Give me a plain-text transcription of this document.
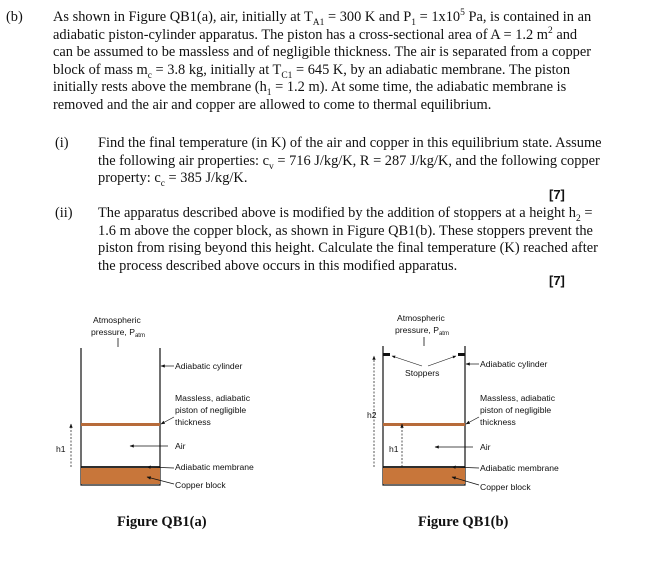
(b) As shown in Figure QB1(a), air, initially at $T_{A1} = 300$ K and $P_1 = 1x10^5$ Pa, is contained in an
adiabatic piston-cylinder apparatus. The piston has a cross-sectional area of A = 1.2 $m^2$ and
can be assumed to be massless and of negligible thickness. The air is separated from a copper
block of mass $m_c = 3.8$ kg, initially at $T_{C1} = 645$ K, by an adiabatic membrane. The piston
initially rests above the membrane ($h_1 = 1.2$ m). At some time, the adiabatic membrane is
removed and the air and copper are allowed to come to thermal equilibrium.
(i) Find the final temperature (in K) of the air and copper in this equilibrium state. Assume
the following air properties: $c_v = 716$ J/kg/K, R = 287 J/kg/K, and the following copper
property: $c_c = 385$ J/kg/K.
[7]
(ii) The apparatus described above is modified by the addition of stoppers at a height $h_2$ =
1.6 m above the copper block, as shown in Figure QB1(b). These stoppers prevent the
piston from rising beyond this height. Calculate the final temperature (K) reached after
the process described above occurs in this modified apparatus.
[7]
Atmospheric
pressure, $P_{atm}$
h1
Adiabatic cylinder
Massless, adiabatic
piston of negligible
thickness
Air
Adiabatic membrane
Copper block
Atmospheric
pressure, $P_{atm}$
h2
h1
Stoppers
Adiabatic cylinder
Massless, adiabatic
piston of negligible
thickness
Air
Adiabatic membrane
Copper block
Figure QB1(a)	Figure QB1(b)
